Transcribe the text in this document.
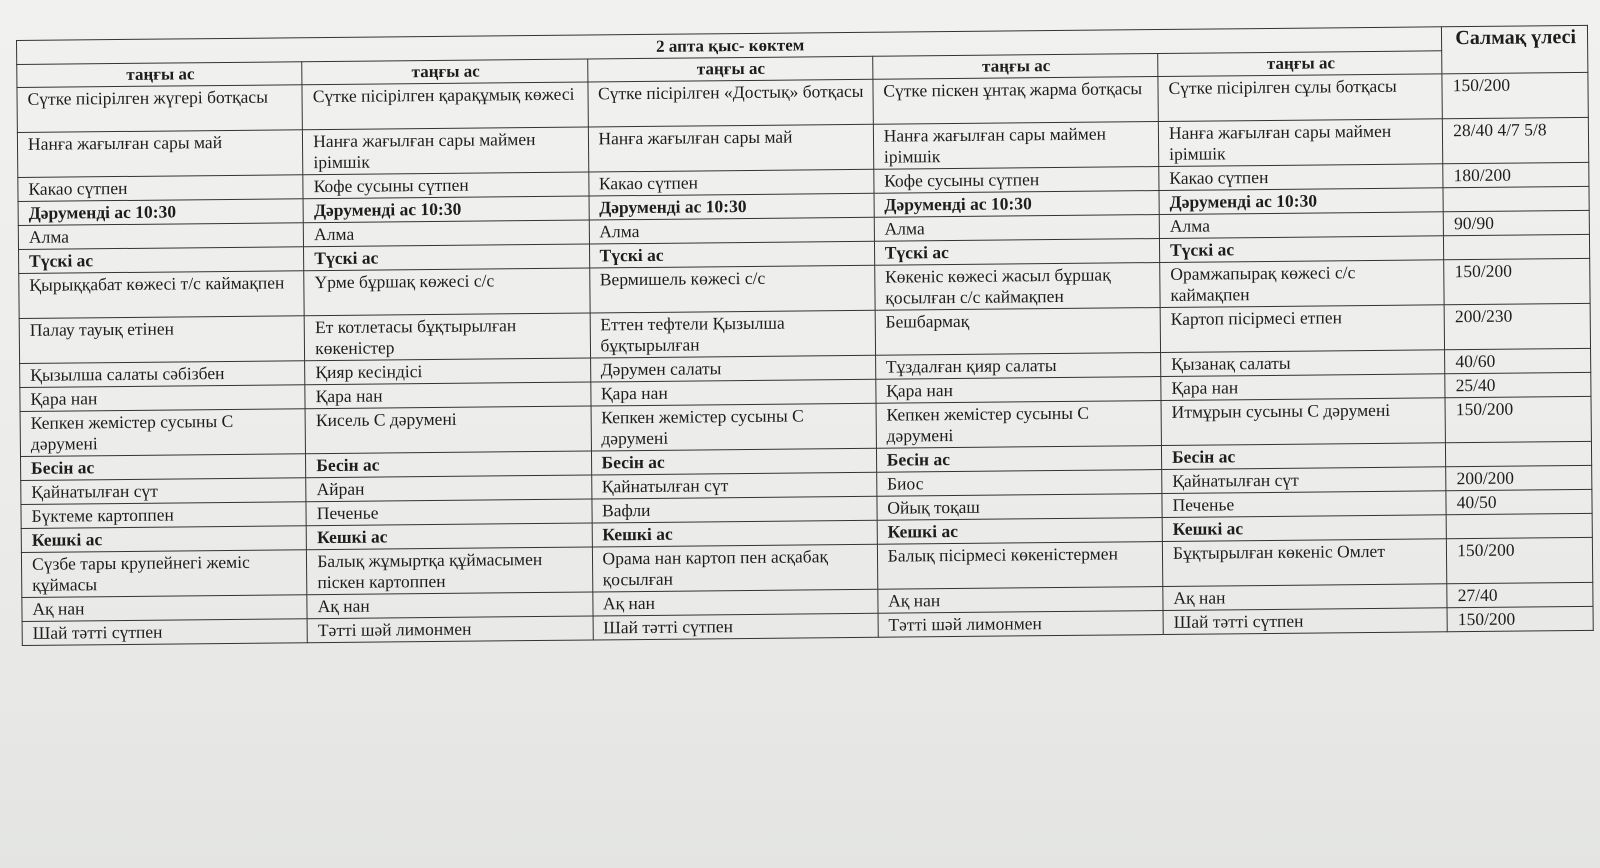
2 апта қыс- көктем					Салмақ үлесі
таңғы ас	таңғы ас	таңғы ас	таңғы ас	таңғы ас	
Сүтке пісірілген жүгері ботқасы	Сүтке пісірілген қарақұмық көжесі	Сүтке пісірілген «Достық» ботқасы	Сүтке піскен ұнтақ жарма ботқасы	Сүтке пісірілген сұлы ботқасы	150/200
Нанға жағылған сары май	Нанға жағылған сары маймен ірімшік	Нанға жағылған сары май	Нанға жағылған сары маймен ірімшік	Нанға жағылған сары маймен ірімшік	28/40 4/7 5/8
Какао сүтпен	Кофе сусыны сүтпен	Какао сүтпен	Кофе сусыны сүтпен	Какао сүтпен	180/200
Дәруменді ас 10:30	Дәруменді ас 10:30	Дәруменді ас 10:30	Дәруменді ас 10:30	Дәруменді ас 10:30	
Алма	Алма	Алма	Алма	Алма	90/90
Түскі ас	Түскі ас	Түскі ас	Түскі ас	Түскі ас	
Қырыққабат көжесі т/с каймақпен	Үрме бұршақ көжесі с/с	Вермишель көжесі с/с	Көкеніс көжесі жасыл бұршақ қосылған с/с каймақпен	Орамжапырақ көжесі с/с каймақпен	150/200
Палау тауық етінен	Ет котлетасы бұқтырылған көкеністер	Еттен тефтели Қызылша бұқтырылған	Бешбармақ	Картоп пісірмесі етпен	200/230
Қызылша салаты сәбізбен	Қияр кесіндісі	Дәрумен салаты	Тұздалған қияр салаты	Қызанақ салаты	40/60
Қара нан	Қара нан	Қара нан	Қара нан	Қара нан	25/40
Кепкен жемістер сусыны С дәрумені	Кисель С дәрумені	Кепкен жемістер сусыны С дәрумені	Кепкен жемістер сусыны С дәрумені	Итмұрын сусыны С дәрумені	150/200
Бесін ас	Бесін ас	Бесін ас	Бесін ас	Бесін ас	
Қайнатылған сүт	Айран	Қайнатылған сүт	Биос	Қайнатылған сүт	200/200
Бүктеме картоппен	Печенье	Вафли	Ойық тоқаш	Печенье	40/50
Кешкі ас	Кешкі ас	Кешкі ас	Кешкі ас	Кешкі ас	
Сүзбе тары крупейнегі жеміс құймасы	Балық жұмыртқа құймасымен піскен картоппен	Орама нан картоп пен асқабақ қосылған	Балық пісірмесі көкеністермен	Бұқтырылған көкеніс Омлет	150/200
Ақ нан	Ақ нан	Ақ нан	Ақ нан	Ақ нан	27/40
Шай тәтті сүтпен	Тәтті шәй лимонмен	Шай тәтті сүтпен	Тәтті шәй лимонмен	Шай тәтті сүтпен	150/200
